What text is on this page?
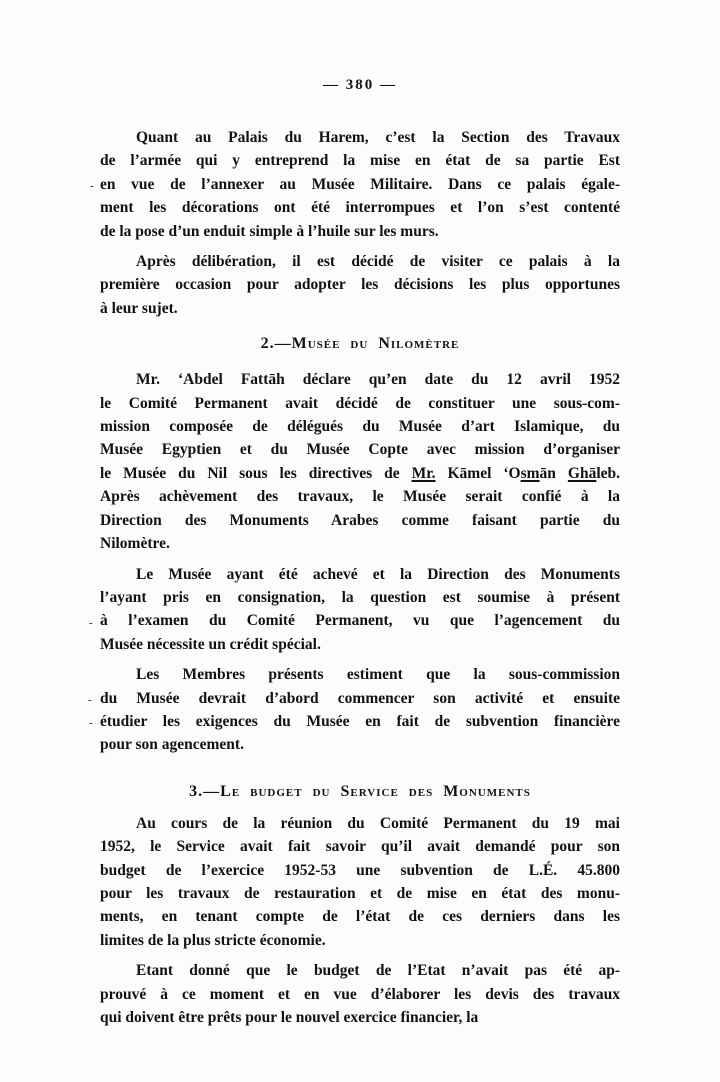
— 380 —
Quant au Palais du Harem, c’est la Section des Travaux
de l’armée qui y entreprend la mise en état de sa partie Est
en vue de l’annexer au Musée Militaire. Dans ce palais égale-
ment les décorations ont été interrompues et l’on s’est contenté
de la pose d’un enduit simple à l’huile sur les murs.
Après délibération, il est décidé de visiter ce palais à la
première occasion pour adopter les décisions les plus opportunes
à leur sujet.
2.—Musée du Nilomètre
Mr. ‘Abdel Fattāh déclare qu’en date du 12 avril 1952
le Comité Permanent avait décidé de constituer une sous-com-
mission composée de délégués du Musée d’art Islamique, du
Musée Egyptien et du Musée Copte avec mission d’organiser
le Musée du Nil sous les directives de Mr. Kāmel ‘Osmān Ghāleb.
Après achèvement des travaux, le Musée serait confié à la
Direction des Monuments Arabes comme faisant partie du
Nilomètre.
Le Musée ayant été achevé et la Direction des Monuments
l’ayant pris en consignation, la question est soumise à présent
à l’examen du Comité Permanent, vu que l’agencement du
Musée nécessite un crédit spécial.
Les Membres présents estiment que la sous-commission
du Musée devrait d’abord commencer son activité et ensuite
étudier les exigences du Musée en fait de subvention financière
pour son agencement.
3.—Le budget du Service des Monuments
Au cours de la réunion du Comité Permanent du 19 mai
1952, le Service avait fait savoir qu’il avait demandé pour son
budget de l’exercice 1952-53 une subvention de L.É. 45.800
pour les travaux de restauration et de mise en état des monu-
ments, en tenant compte de l’état de ces derniers dans les
limites de la plus stricte économie.
Etant donné que le budget de l’Etat n’avait pas été ap-
prouvé à ce moment et en vue d’élaborer les devis des travaux
qui doivent être prêts pour le nouvel exercice financier, la
-
-
-
-
